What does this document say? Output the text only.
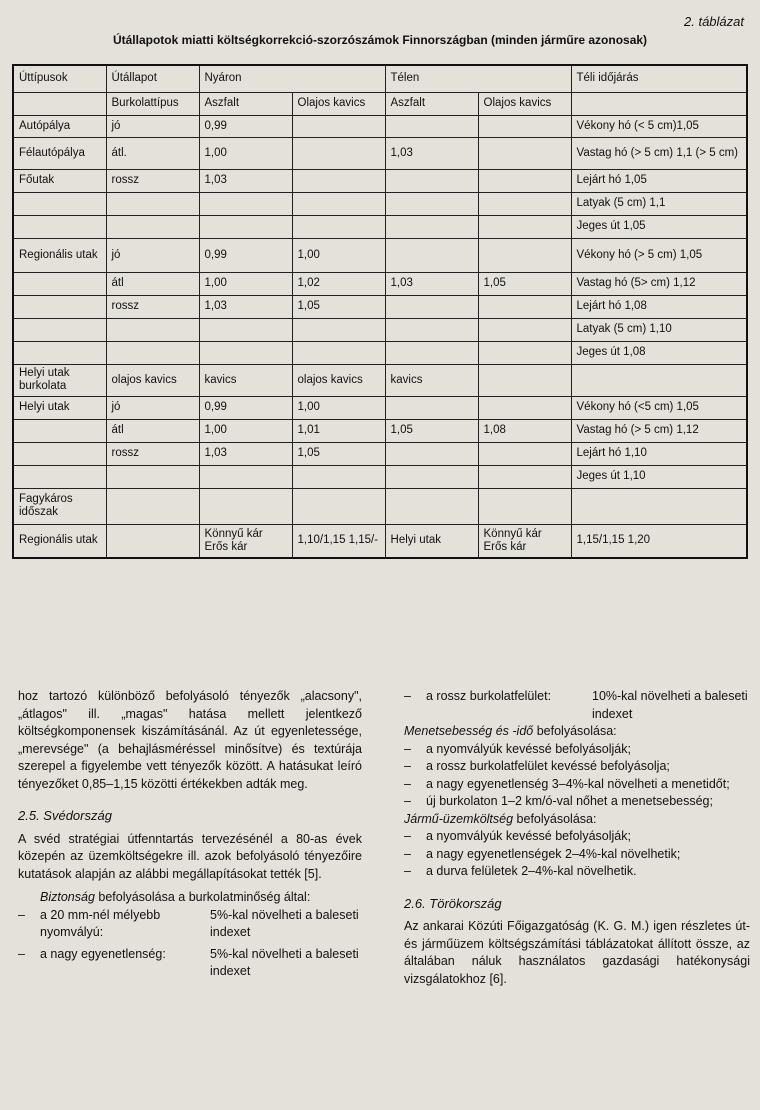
2. táblázat
Útállapotok miatti költségkorrekció-szorzószámok Finnországban (minden járműre azonosak)
Úttípusok	Útállapot	Nyáron		Télen		Téli időjárás
	Burkolattípus	Aszfalt	Olajos kavics	Aszfalt	Olajos kavics	
Autópálya	jó	0,99				Vékony hó (< 5 cm)1,05
Félautópálya	átl.	1,00		1,03		Vastag hó (> 5 cm) 1,1 (> 5 cm)
Főutak	rossz	1,03				Lejárt hó 1,05
						Latyak (5 cm) 1,1
						Jeges út 1,05
Regionális utak	jó	0,99	1,00			Vékony hó (> 5 cm) 1,05
	átl	1,00	1,02	1,03	1,05	Vastag hó (5> cm) 1,12
	rossz	1,03	1,05			Lejárt hó 1,08
						Latyak (5 cm) 1,10
						Jeges út 1,08
Helyi utak burkolata	olajos kavics	kavics	olajos kavics	kavics		
Helyi utak	jó	0,99	1,00			Vékony hó (<5 cm) 1,05
	átl	1,00	1,01	1,05	1,08	Vastag hó (> 5 cm) 1,12
	rossz	1,03	1,05			Lejárt hó 1,10
						Jeges út 1,10
Fagykáros időszak						
Regionális utak		Könnyű kár Erős kár	1,10/1,15 1,15/-	Helyi utak	Könnyű kár Erős kár	1,15/1,15 1,20

hoz tartozó különböző befolyásoló tényezők „alacsony", „átlagos" ill. „magas" hatása mellett jelentkező költségkomponensek kiszámításánál. Az út egyenletessége, „merevsége" (a behajlásméréssel minősítve) és textúrája szerepel a figyelembe vett tényezők között. A hatásukat leíró tényezőket 0,85–1,15 közötti értékekben adták meg.

2.5. Svédország

A svéd stratégiai útfenntartás tervezésénél a 80-as évek közepén az üzemköltségekre ill. azok befolyásoló tényezőire kutatások alapján az alábbi megállapításokat tették [5].

Biztonság befolyásolása a burkolatminőség által:

–	a 20 mm-nél mélyebb nyomvályú:
5%-kal növelheti a baleseti indexet
–	a nagy egyenetlenség:	5%-kal növelheti a baleseti indexet
–	a rossz burkolatfelület:	10%-kal növelheti a baleseti indexet

Menetsebesség és -idő befolyásolása:

– a nyomvályúk kevéssé befolyásolják;

– a rossz burkolatfelület kevéssé befolyásolja;

– a nagy egyenetlenség 3–4%-kal növelheti a menetidőt;

– új burkolaton 1–2 km/ó-val nőhet a menetsebesség;

Jármű-üzemköltség befolyásolása:

– a nyomvályúk kevéssé befolyásolják;

– a nagy egyenetlenségek 2–4%-kal növelhetik;

– a durva felületek 2–4%-kal növelhetik.

2.6. Törökország

Az ankarai Közúti Főigazgatóság (K. G. M.) igen részletes út- és járműüzem költségszámítási táblázatokat állított össze, az általában náluk használatos gazdasági hatékonysági vizsgálatokhoz [6].
